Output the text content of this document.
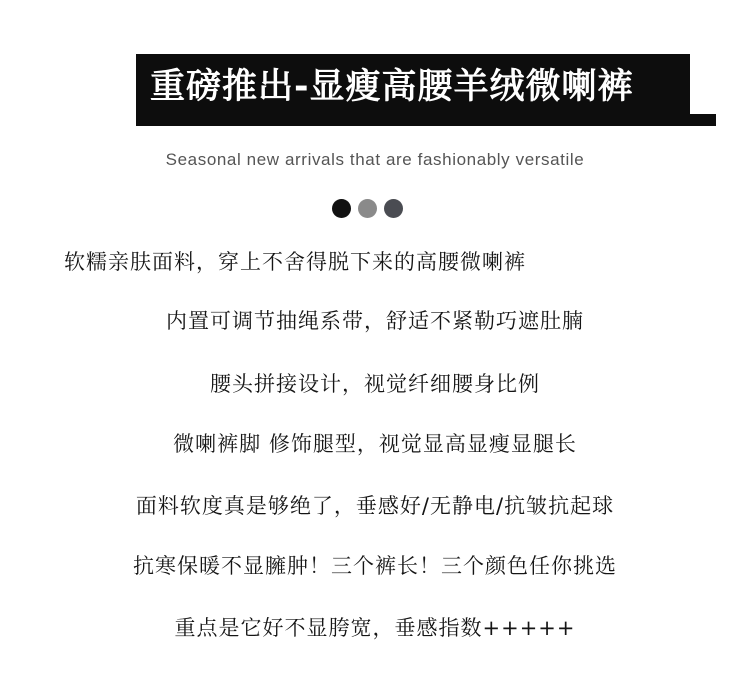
重磅推出-显瘦高腰羊绒微喇裤
Seasonal new arrivals that are fashionably versatile
软糯亲肤面料，穿上不舍得脱下来的高腰微喇裤
内置可调节抽绳系带，舒适不紧勒巧遮肚腩
腰头拼接设计，视觉纤细腰身比例
微喇裤脚 修饰腿型，视觉显高显瘦显腿长
面料软度真是够绝了，垂感好/无静电/抗皱抗起球
抗寒保暖不显臃肿！三个裤长！三个颜色任你挑选
重点是它好不显胯宽，垂感指数+++++
